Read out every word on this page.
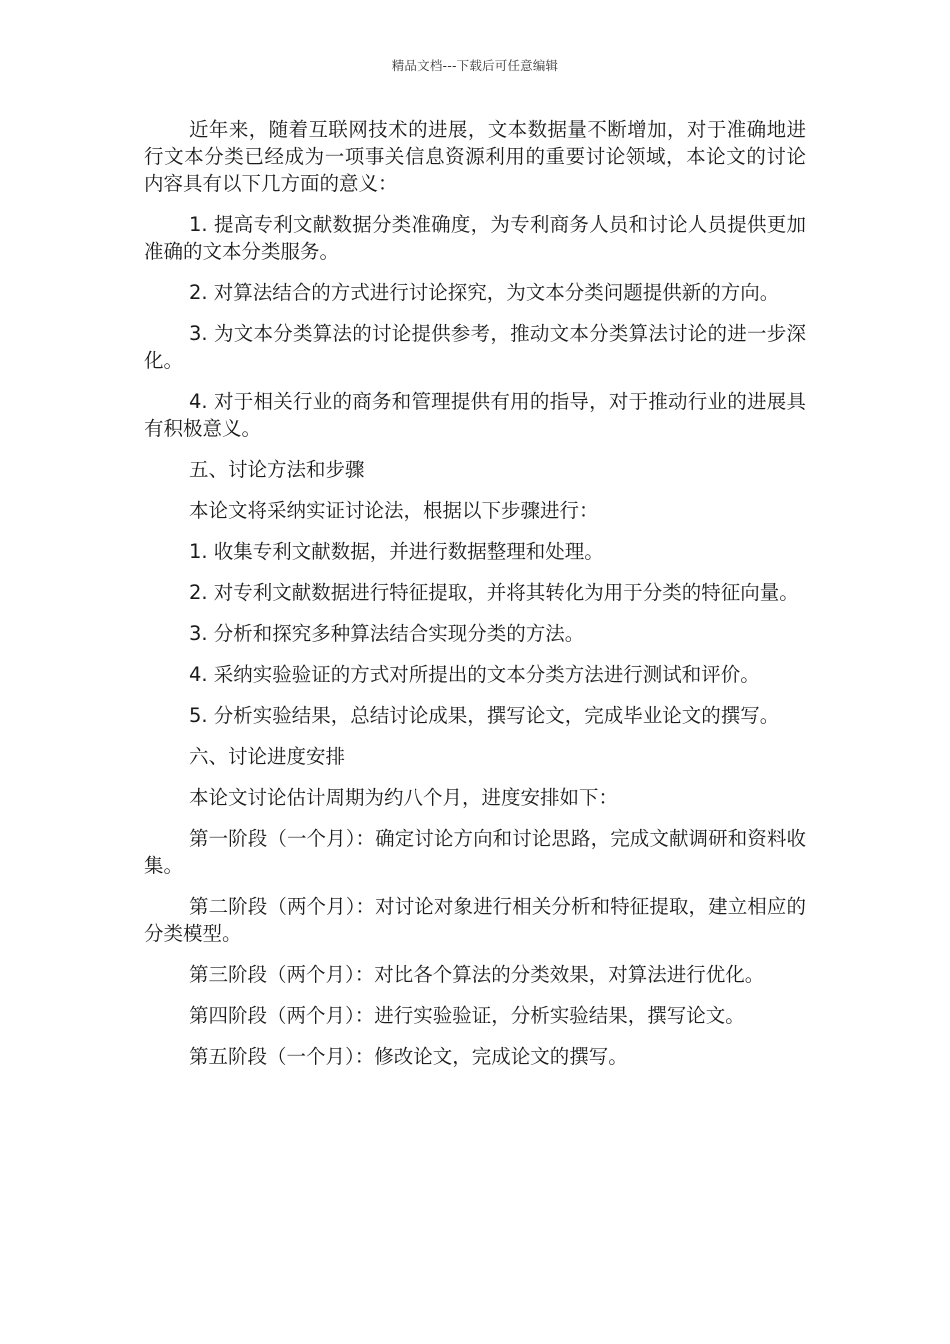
精品文档---下载后可任意编辑

近年来，随着互联网技术的进展，文本数据量不断增加，对于准确地进行文本分类已经成为一项事关信息资源利用的重要讨论领域，本论文的讨论内容具有以下几方面的意义：

1. 提高专利文献数据分类准确度，为专利商务人员和讨论人员提供更加准确的文本分类服务。

2. 对算法结合的方式进行讨论探究，为文本分类问题提供新的方向。

3. 为文本分类算法的讨论提供参考，推动文本分类算法讨论的进一步深化。

4. 对于相关行业的商务和管理提供有用的指导，对于推动行业的进展具有积极意义。

五、讨论方法和步骤

本论文将采纳实证讨论法，根据以下步骤进行：

1. 收集专利文献数据，并进行数据整理和处理。

2. 对专利文献数据进行特征提取，并将其转化为用于分类的特征向量。

3. 分析和探究多种算法结合实现分类的方法。

4. 采纳实验验证的方式对所提出的文本分类方法进行测试和评价。

5. 分析实验结果，总结讨论成果，撰写论文，完成毕业论文的撰写。

六、讨论进度安排

本论文讨论估计周期为约八个月，进度安排如下：

第一阶段（一个月）：确定讨论方向和讨论思路，完成文献调研和资料收集。

第二阶段（两个月）：对讨论对象进行相关分析和特征提取，建立相应的分类模型。

第三阶段（两个月）：对比各个算法的分类效果，对算法进行优化。

第四阶段（两个月）：进行实验验证，分析实验结果，撰写论文。

第五阶段（一个月）：修改论文，完成论文的撰写。
